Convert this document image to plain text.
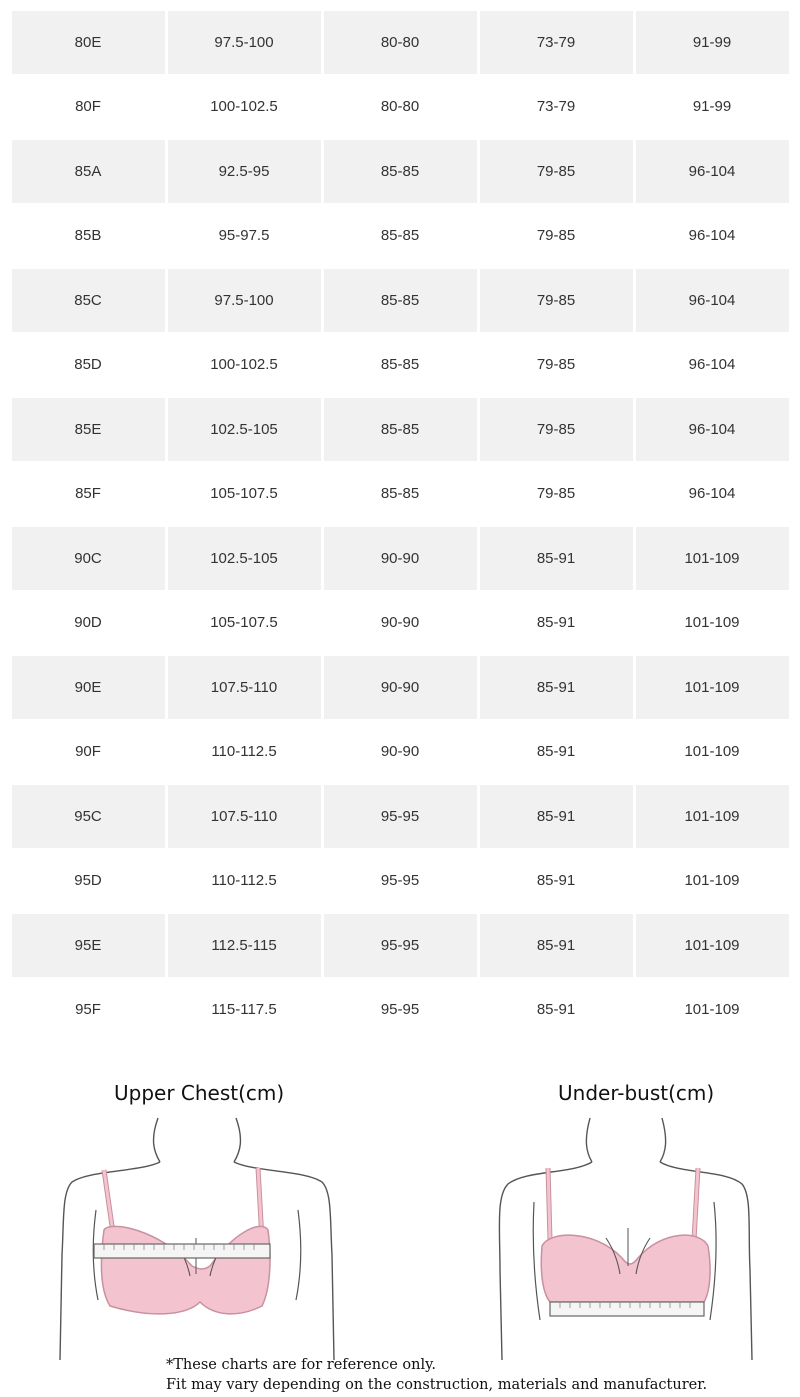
80E	97.5-100	80-80	73-79	91-99
80F	100-102.5	80-80	73-79	91-99
85A	92.5-95	85-85	79-85	96-104
85B	95-97.5	85-85	79-85	96-104
85C	97.5-100	85-85	79-85	96-104
85D	100-102.5	85-85	79-85	96-104
85E	102.5-105	85-85	79-85	96-104
85F	105-107.5	85-85	79-85	96-104
90C	102.5-105	90-90	85-91	101-109
90D	105-107.5	90-90	85-91	101-109
90E	107.5-110	90-90	85-91	101-109
90F	110-112.5	90-90	85-91	101-109
95C	107.5-110	95-95	85-91	101-109
95D	110-112.5	95-95	85-91	101-109
95E	112.5-115	95-95	85-91	101-109
95F	115-117.5	95-95	85-91	101-109
Upper Chest(cm)	Under-bust(cm)
*These charts are for reference only.
Fit may vary depending on the construction, materials and manufacturer.
